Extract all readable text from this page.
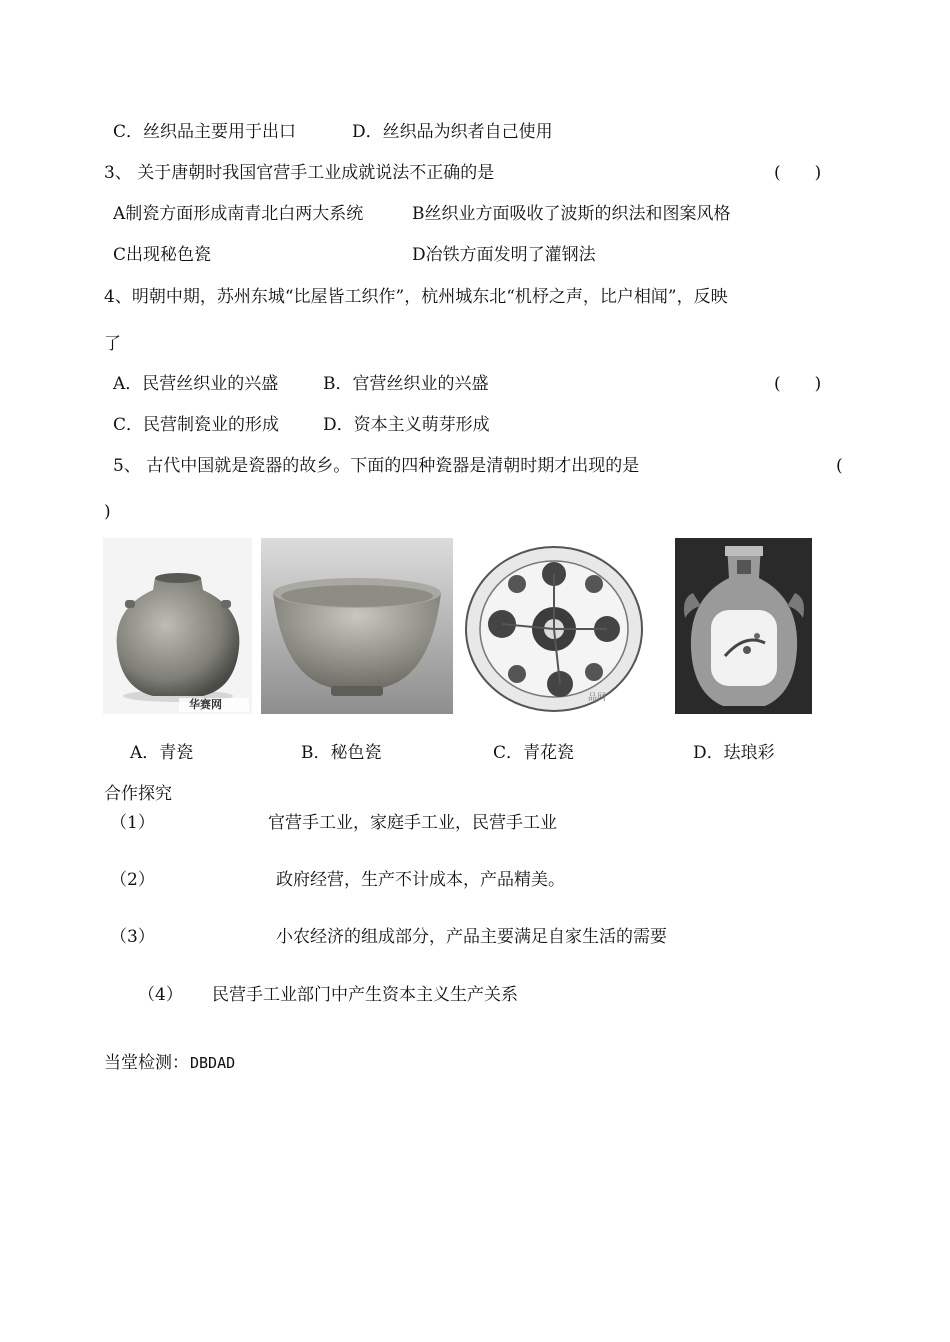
C．丝织品主要用于出口	D．丝织品为织者自己使用
3、 关于唐朝时我国官营手工业成就说法不正确的是	(　　)
A制瓷方面形成南青北白两大系统	B丝织业方面吸收了波斯的织法和图案风格
C出现秘色瓷	D冶铁方面发明了灌钢法
4、明朝中期，苏州东城“比屋皆工织作”，杭州城东北“机杼之声，比户相闻”，反映
了
A．民营丝织业的兴盛	B．官营丝织业的兴盛	(　　)
C．民营制瓷业的形成	D．资本主义萌芽形成
5、 古代中国就是瓷器的故乡。下面的四种瓷器是清朝时期才出现的是	(
)
华赛网	品网
A．青瓷	B．秘色瓷	C．青花瓷	D．珐琅彩
合作探究
（1）	官营手工业，家庭手工业，民营手工业
（2）	政府经营，生产不计成本，产品精美。
（3）	小农经济的组成部分，产品主要满足自家生活的需要
（4） 民营手工业部门中产生资本主义生产关系
当堂检测： DBDAD
